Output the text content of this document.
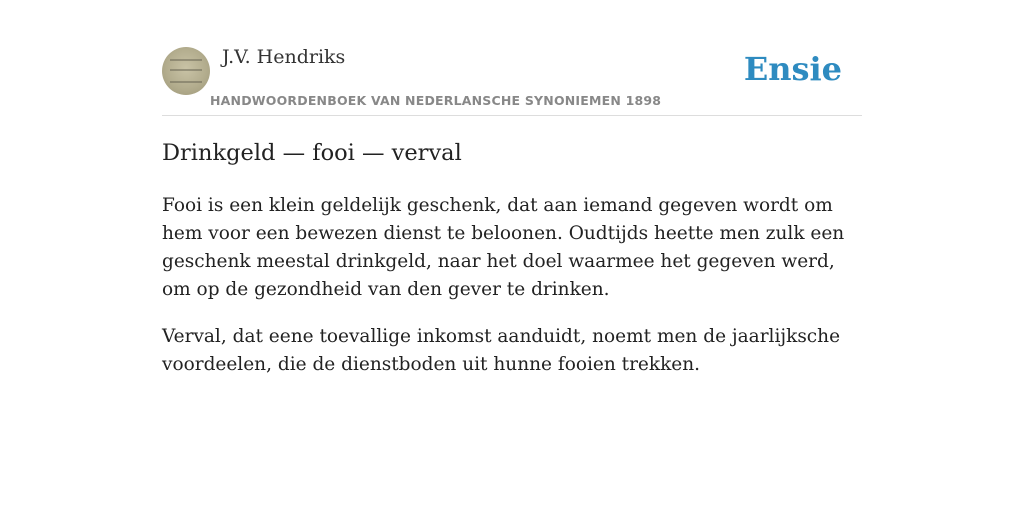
J.V. Hendriks
HANDWOORDENBOEK VAN NEDERLANSCHE SYNONIEMEN 1898
Ensie
Drinkgeld — fooi — verval

Fooi is een klein geldelijk geschenk, dat aan iemand gegeven wordt om hem voor een bewezen dienst te beloonen. Oudtijds heette men zulk een geschenk meestal drinkgeld, naar het doel waarmee het gegeven werd, om op de gezondheid van den gever te drinken.

Verval, dat eene toevallige inkomst aanduidt, noemt men de jaarlijksche voordeelen, die de dienstboden uit hunne fooien trekken.
